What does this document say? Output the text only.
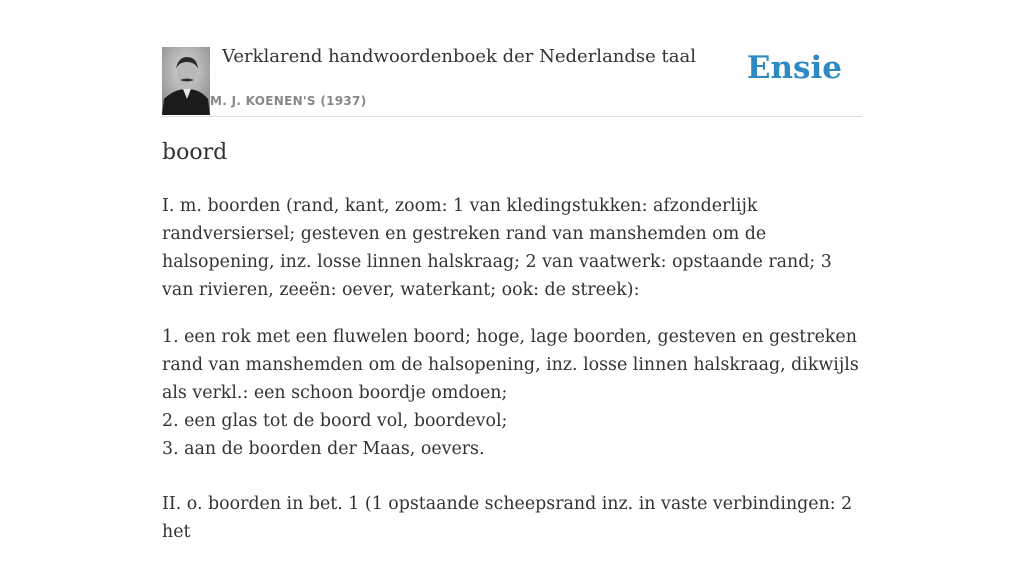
Verklarend handwoordenboek der Nederlandse taal
M. J. KOENEN'S (1937)
Ensie
boord

I. m. boorden (rand, kant, zoom: 1 van kledingstukken: afzonderlijk randversiersel; gesteven en gestreken rand van manshemden om de halsopening, inz. losse linnen halskraag; 2 van vaatwerk: opstaande rand; 3 van rivieren, zeeën: oever, waterkant; ook: de streek):

1. een rok met een fluwelen boord; hoge, lage boorden, gesteven en gestreken rand van manshemden om de halsopening, inz. losse linnen halskraag, dikwijls als verkl.: een schoon boordje omdoen;
2. een glas tot de boord vol, boordevol;
3. aan de boorden der Maas, oevers.

II. o. boorden in bet. 1 (1 opstaande scheepsrand inz. in vaste verbindingen: 2 het
